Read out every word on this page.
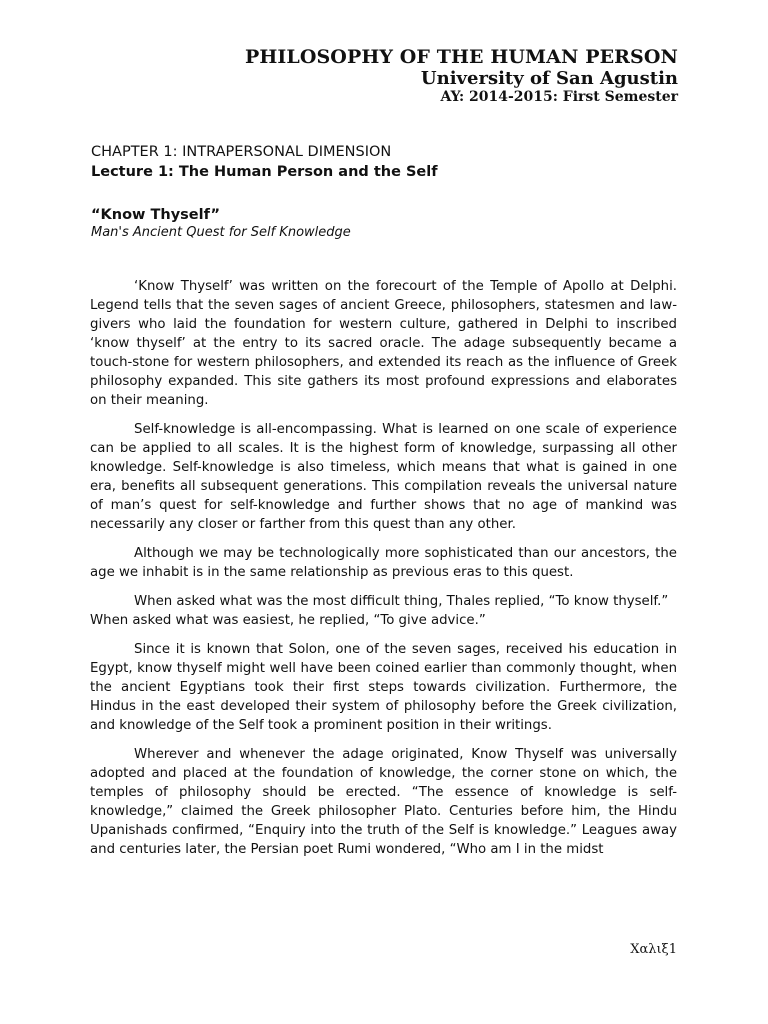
PHILOSOPHY OF THE HUMAN PERSON
University of San Agustin
AY: 2014-2015: First Semester
CHAPTER 1: INTRAPERSONAL DIMENSION
Lecture 1: The Human Person and the Self
“Know Thyself”
Man's Ancient Quest for Self Knowledge

‘Know Thyself’ was written on the forecourt of the Temple of Apollo at Delphi. Legend tells that the seven sages of ancient Greece, philosophers, statesmen and law-givers who laid the foundation for western culture, gathered in Delphi to inscribed ‘know thyself’ at the entry to its sacred oracle. The adage subsequently became a touch-stone for western philosophers, and extended its reach as the influence of Greek philosophy expanded. This site gathers its most profound expressions and elaborates on their meaning.

Self-knowledge is all-encompassing. What is learned on one scale of experience can be applied to all scales. It is the highest form of knowledge, surpassing all other knowledge. Self-knowledge is also timeless, which means that what is gained in one era, benefits all subsequent generations. This compilation reveals the universal nature of man’s quest for self-knowledge and further shows that no age of mankind was necessarily any closer or farther from this quest than any other.

Although we may be technologically more sophisticated than our ancestors, the age we inhabit is in the same relationship as previous eras to this quest.

When asked what was the most difficult thing, Thales replied, “To know thyself.”

When asked what was easiest, he replied, “To give advice.”

Since it is known that Solon, one of the seven sages, received his education in Egypt, know thyself might well have been coined earlier than commonly thought, when the ancient Egyptians took their first steps towards civilization. Furthermore, the Hindus in the east developed their system of philosophy before the Greek civilization, and knowledge of the Self took a prominent position in their writings.

Wherever and whenever the adage originated, Know Thyself was universally adopted and placed at the foundation of knowledge, the corner stone on which, the temples of philosophy should be erected. “The essence of knowledge is self-knowledge,” claimed the Greek philosopher Plato. Centuries before him, the Hindu Upanishads confirmed, “Enquiry into the truth of the Self is knowledge.” Leagues away and centuries later, the Persian poet Rumi wondered, “Who am I in the midst

Χαλιξ1
